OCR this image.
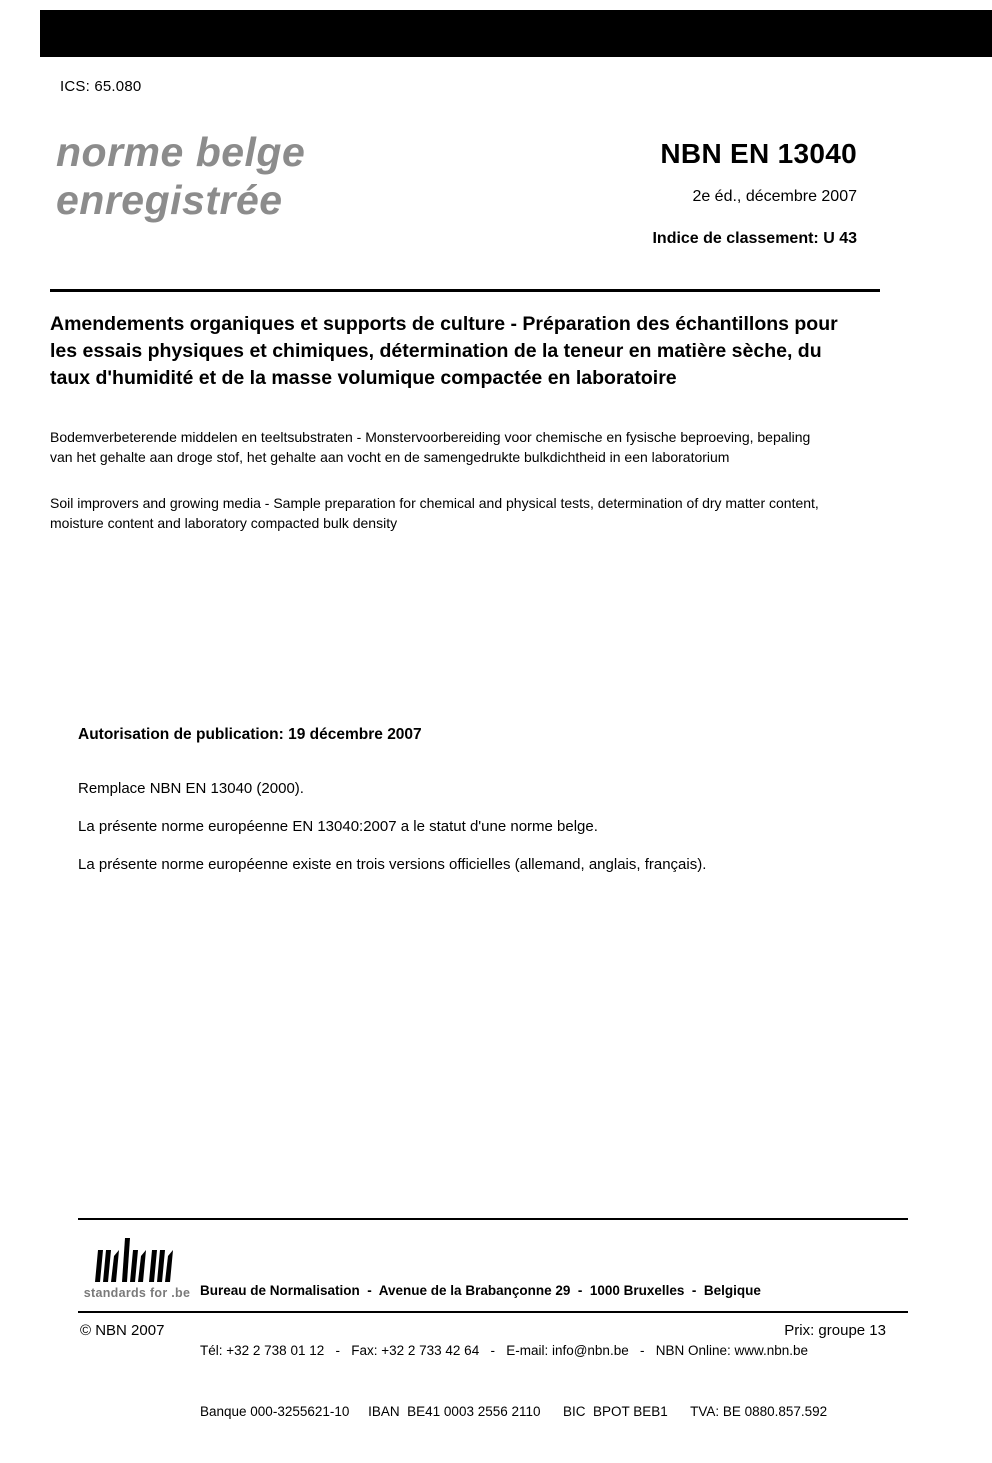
ICS: 65.080
norme belge
enregistrée
NBN EN 13040
2e éd., décembre 2007
Indice de classement: U 43
Amendements organiques et supports de culture - Préparation des échantillons pour les essais physiques et chimiques, détermination de la teneur en matière sèche, du taux d'humidité et de la masse volumique compactée en laboratoire
Bodemverbeterende middelen en teeltsubstraten - Monstervoorbereiding voor chemische en fysische beproeving, bepaling van het gehalte aan droge stof, het gehalte aan vocht en de samengedrukte bulkdichtheid in een laboratorium
Soil improvers and growing media - Sample preparation for chemical and physical tests, determination of dry matter content, moisture content and laboratory compacted bulk density
Autorisation de publication: 19 décembre 2007
Remplace NBN EN 13040 (2000).
La présente norme européenne EN 13040:2007 a le statut d'une norme belge.
La présente norme européenne existe en trois versions officielles (allemand, anglais, français).
standards for .be

Bureau de Normalisation  -  Avenue de la Brabançonne 29  -  1000 Bruxelles  -  Belgique

Tél: +32 2 738 01 12   -   Fax: +32 2 733 42 64   -   E-mail: info@nbn.be   -   NBN Online: www.nbn.be

Banque 000-3255621-10     IBAN  BE41 0003 2556 2110      BIC  BPOT BEB1      TVA: BE 0880.857.592

© NBN 2007	Prix: groupe 13
